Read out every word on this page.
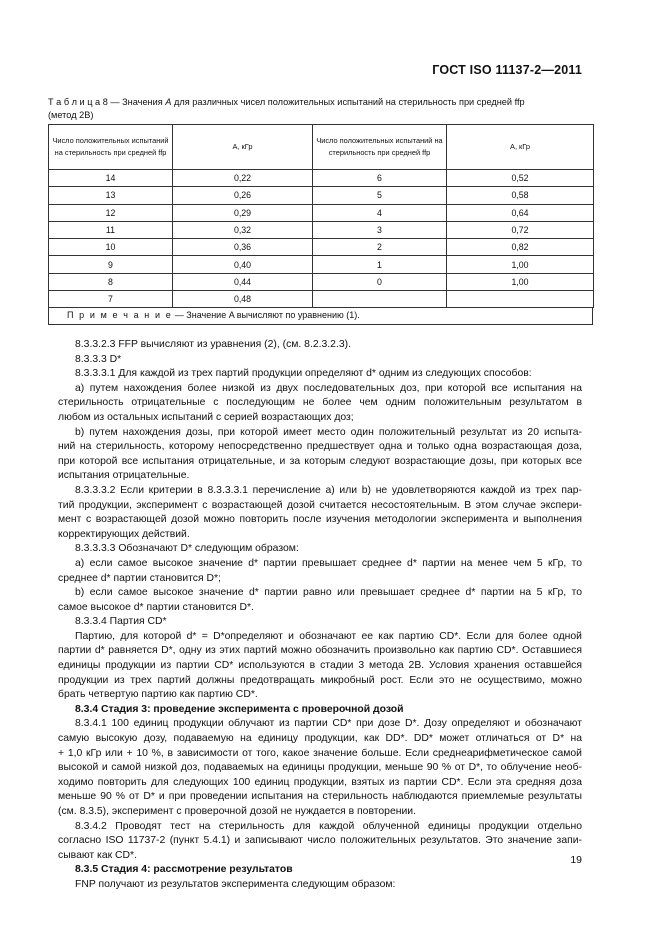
ГОСТ ISO 11137-2—2011
Т а б л и ц а 8 — Значения A для различных чисел положительных испытаний на стерильность при средней ffp
(метод 2В)
Число положительных испытаний на стерильность при средней ffp	A, кГр	Число положительных испытаний на стерильность при средней ffp	A, кГр
14	0,22	6	0,52
13	0,26	5	0,58
12	0,29	4	0,64
11	0,32	3	0,72
10	0,36	2	0,82
9	0,40	1	1,00
8	0,44	0	1,00
7	0,48		
П р и м е ч а н и е — Значение A вычисляют по уравнению (1).

8.3.3.2.3 FFP вычисляют из уравнения (2), (см. 8.2.3.2.3).

8.3.3.3 D*

8.3.3.3.1 Для каждой из трех партий продукции определяют d* одним из следующих способов:

a) путем нахождения более низкой из двух последовательных доз, при которой все испытания на
стерильность отрицательные с последующим не более чем одним положительным результатом в
любом из остальных испытаний с серией возрастающих доз;

b) путем нахождения дозы, при которой имеет место один положительный результат из 20 испыта-
ний на стерильность, которому непосредственно предшествует одна и только одна возрастающая доза,
при которой все испытания отрицательные, и за которым следуют возрастающие дозы, при которых все
испытания отрицательные.

8.3.3.3.2 Если критерии в 8.3.3.3.1 перечисление a) или b) не удовлетворяются каждой из трех пар-
тий продукции, эксперимент с возрастающей дозой считается несостоятельным. В этом случае экспери-
мент с возрастающей дозой можно повторить после изучения методологии эксперимента и выполнения
корректирующих действий.

8.3.3.3.3 Обозначают D* следующим образом:

a) если самое высокое значение d* партии превышает среднее d* партии на менее чем 5 кГр, то
среднее d* партии становится D*;

b) если самое высокое значение d* партии равно или превышает среднее d* партии на 5 кГр, то
самое высокое d* партии становится D*.

8.3.3.4 Партия CD*

Партию, для которой d* = D*определяют и обозначают ее как партию CD*. Если для более одной
партии d* равняется D*, одну из этих партий можно обозначить произвольно как партию CD*. Оставшиеся
единицы продукции из партии CD* используются в стадии 3 метода 2В. Условия хранения оставшейся
продукции из трех партий должны предотвращать микробный рост. Если это не осуществимо, можно
брать четвертую партию как партию CD*.

8.3.4 Стадия 3: проведение эксперимента с проверочной дозой

8.3.4.1 100 единиц продукции облучают из партии CD* при дозе D*. Дозу определяют и обозначают
самую высокую дозу, подаваемую на единицу продукции, как DD*. DD* может отличаться от D* на
+ 1,0 кГр или + 10 %, в зависимости от того, какое значение больше. Если среднеарифметическое самой
высокой и самой низкой доз, подаваемых на единицы продукции, меньше 90 % от D*, то облучение необ-
ходимо повторить для следующих 100 единиц продукции, взятых из партии CD*. Если эта средняя доза
меньше 90 % от D* и при проведении испытания на стерильность наблюдаются приемлемые результаты
(см. 8.3.5), эксперимент с проверочной дозой не нуждается в повторении.

8.3.4.2 Проводят тест на стерильность для каждой облученной единицы продукции отдельно
согласно ISO 11737-2 (пункт 5.4.1) и записывают число положительных результатов. Это значение запи-
сывают как CD*.

8.3.5 Стадия 4: рассмотрение результатов

FNP получают из результатов эксперимента следующим образом:

19
